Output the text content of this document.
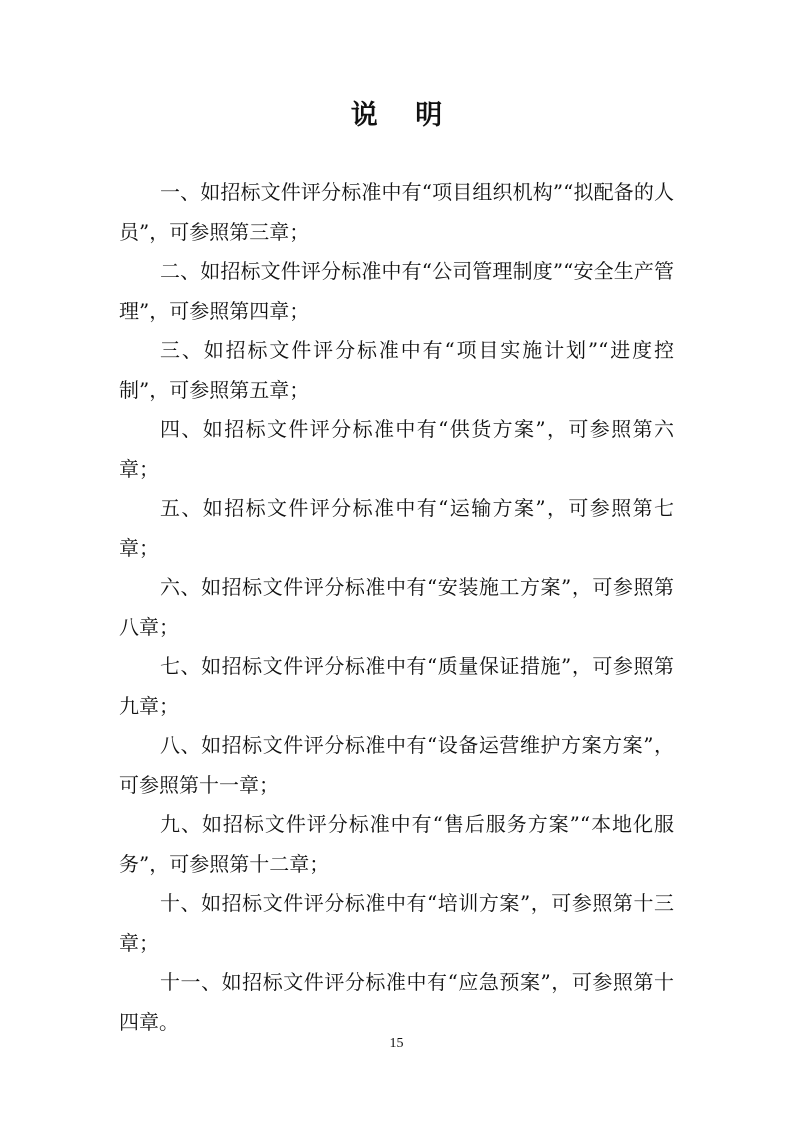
说 明

一、如招标文件评分标准中有“项目组织机构”“拟配备的人员”，可参照第三章；

二、如招标文件评分标准中有“公司管理制度”“安全生产管理”，可参照第四章；

三、如招标文件评分标准中有“项目实施计划”“进度控制”，可参照第五章；

四、如招标文件评分标准中有“供货方案”，可参照第六章；

五、如招标文件评分标准中有“运输方案”，可参照第七章；

六、如招标文件评分标准中有“安装施工方案”，可参照第八章；

七、如招标文件评分标准中有“质量保证措施”，可参照第九章；

八、如招标文件评分标准中有“设备运营维护方案方案”，可参照第十一章；

九、如招标文件评分标准中有“售后服务方案”“本地化服务”，可参照第十二章；

十、如招标文件评分标准中有“培训方案”，可参照第十三章；

十一、如招标文件评分标准中有“应急预案”，可参照第十四章。

15
